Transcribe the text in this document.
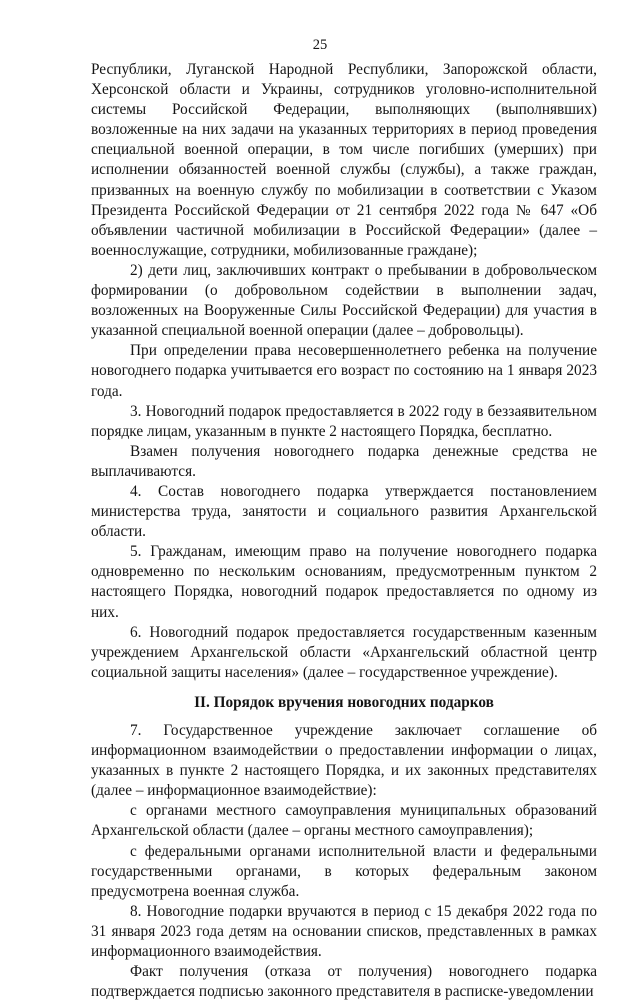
25

Республики, Луганской Народной Республики, Запорожской области, Херсонской области и Украины, сотрудников уголовно-исполнительной системы Российской Федерации, выполняющих (выполнявших) возложенные на них задачи на указанных территориях в период проведения специальной военной операции, в том числе погибших (умерших) при исполнении обязанностей военной службы (службы), а также граждан, призванных на военную службу по мобилизации в соответствии с Указом Президента Российской Федерации от 21 сентября 2022 года № 647 «Об объявлении частичной мобилизации в Российской Федерации» (далее – военнослужащие, сотрудники, мобилизованные граждане);

2) дети лиц, заключивших контракт о пребывании в добровольческом формировании (о добровольном содействии в выполнении задач, возложенных на Вооруженные Силы Российской Федерации) для участия в указанной специальной военной операции (далее – добровольцы).

При определении права несовершеннолетнего ребенка на получение новогоднего подарка учитывается его возраст по состоянию на 1 января 2023 года.

3. Новогодний подарок предоставляется в 2022 году в беззаявительном порядке лицам, указанным в пункте 2 настоящего Порядка, бесплатно.

Взамен получения новогоднего подарка денежные средства не выплачиваются.

4. Состав новогоднего подарка утверждается постановлением министерства труда, занятости и социального развития Архангельской области.

5. Гражданам, имеющим право на получение новогоднего подарка одновременно по нескольким основаниям, предусмотренным пунктом 2 настоящего Порядка, новогодний подарок предоставляется по одному из них.

6. Новогодний подарок предоставляется государственным казенным учреждением Архангельской области «Архангельский областной центр социальной защиты населения» (далее – государственное учреждение).

II. Порядок вручения новогодних подарков

7. Государственное учреждение заключает соглашение об информационном взаимодействии о предоставлении информации о лицах, указанных в пункте 2 настоящего Порядка, и их законных представителях (далее – информационное взаимодействие):

с органами местного самоуправления муниципальных образований Архангельской области (далее – органы местного самоуправления);

с федеральными органами исполнительной власти и федеральными государственными органами, в которых федеральным законом предусмотрена военная служба.

8. Новогодние подарки вручаются в период с 15 декабря 2022 года по 31 января 2023 года детям на основании списков, представленных в рамках информационного взаимодействия.

Факт получения (отказа от получения) новогоднего подарка подтверждается подписью законного представителя в расписке-уведомлении
